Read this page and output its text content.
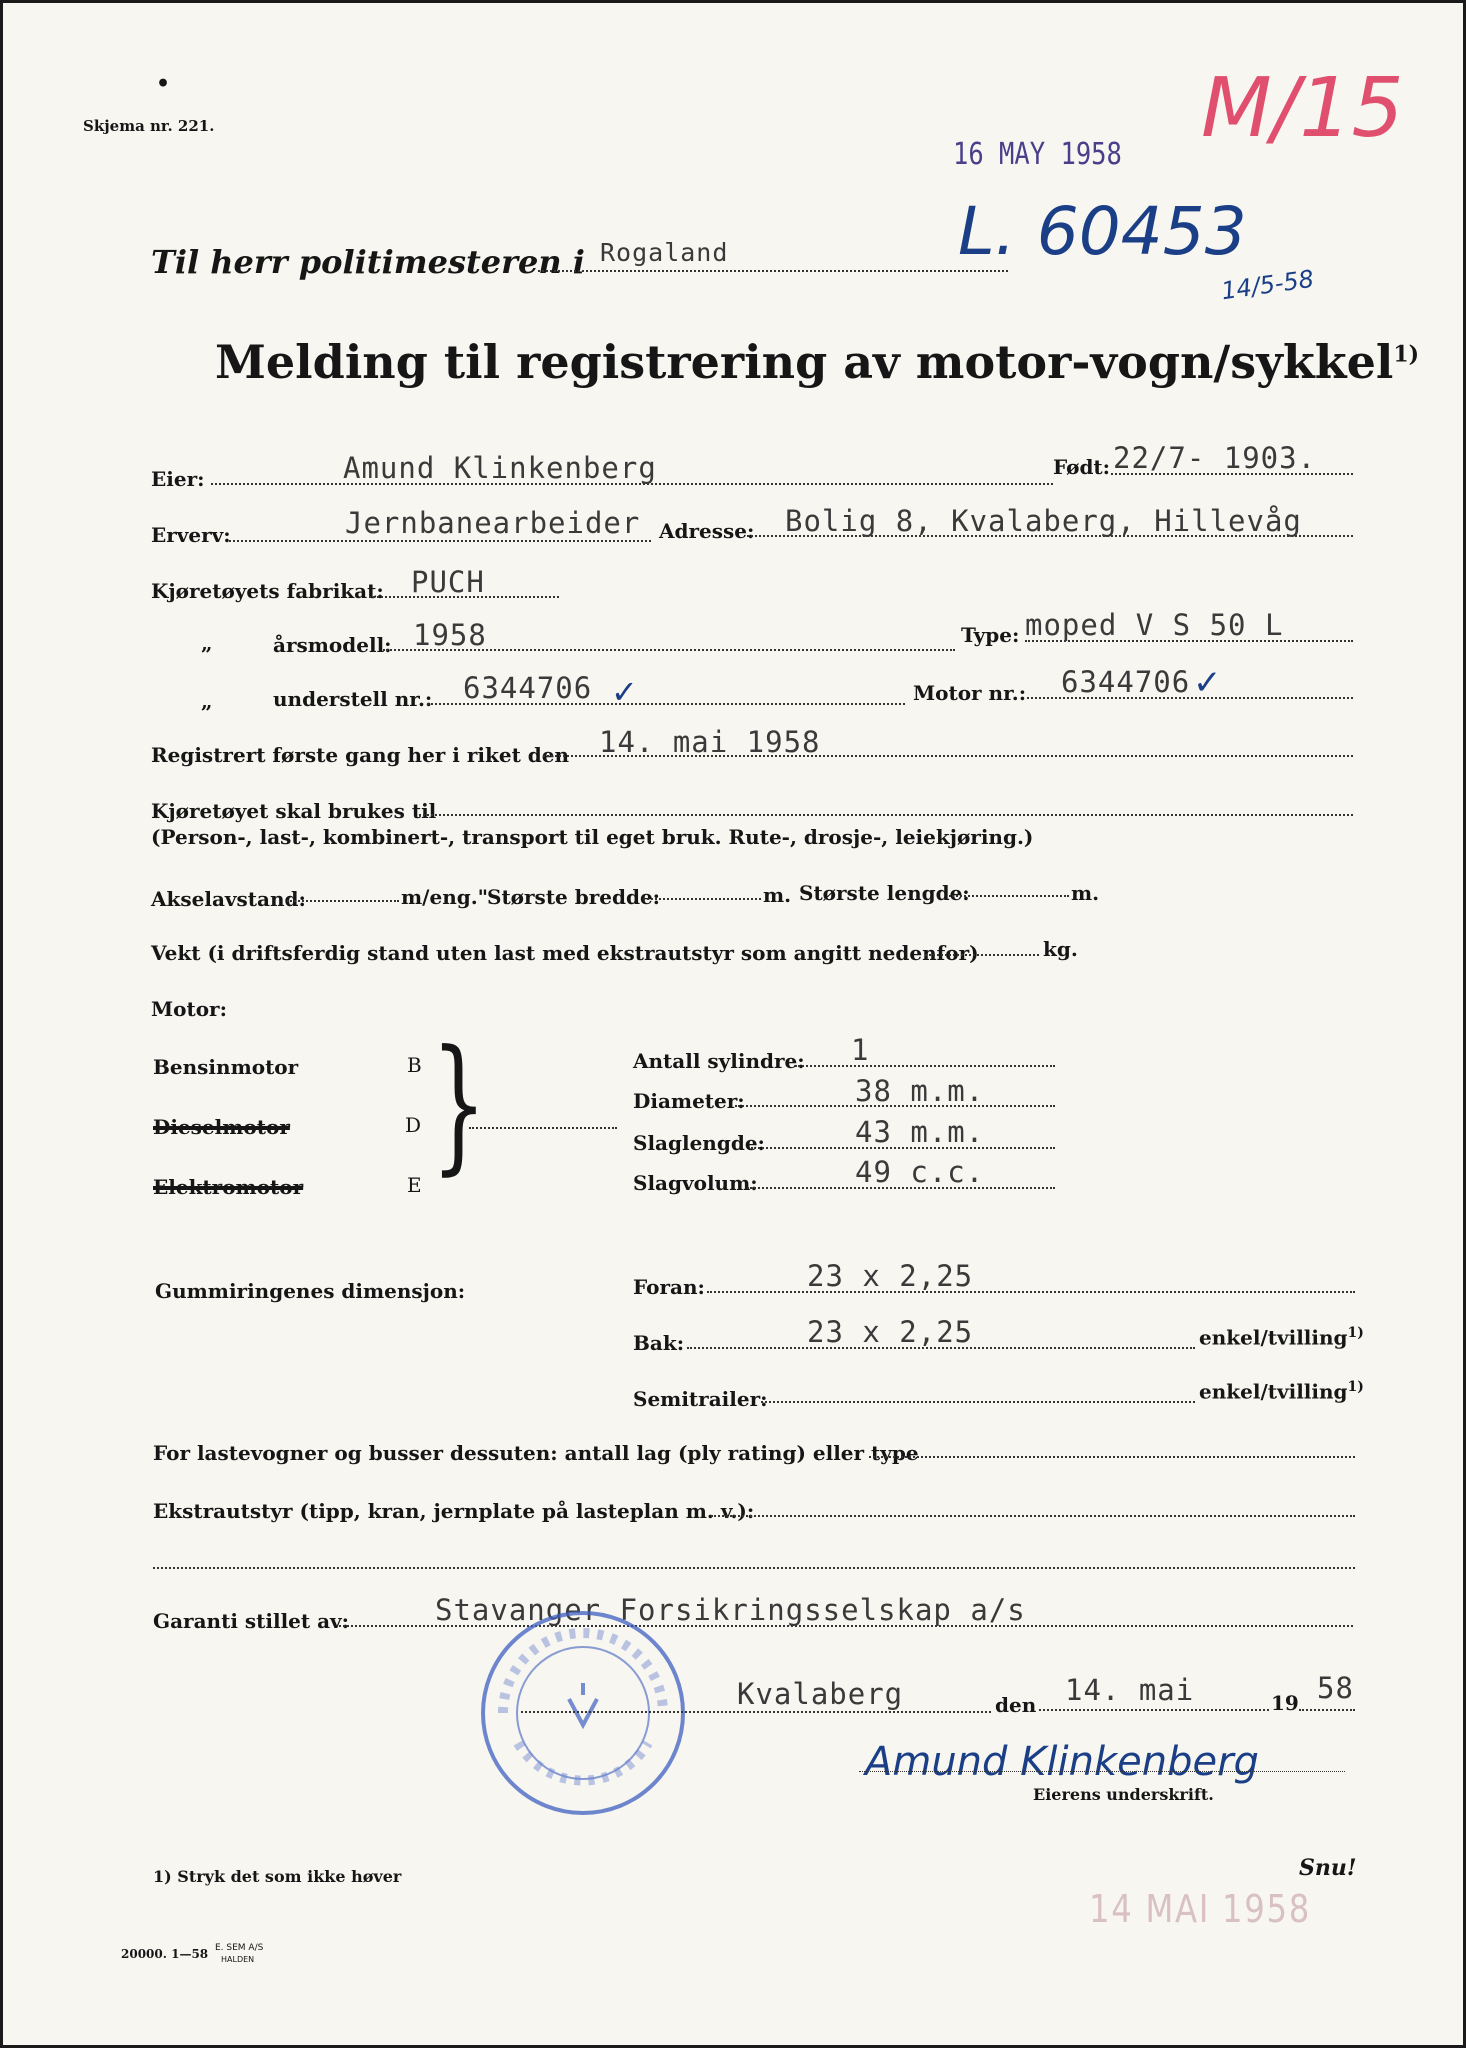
•
Skjema nr. 221.
16 MAY 1958 M/15
L. 60453
14/5-58
Til herr politimesteren i Rogaland
Melding til registrering av motor-vogn/sykkel$^{1)}$
Eier:	Amund Klinkenberg	Født: 22/7- 1903.
Erverv:	Jernbanearbeider Adresse: Bolig 8, Kvalaberg, Hillevåg
Kjøretøyets fabrikat: PUCH
„	årsmodell: 1958	Type: moped V S 50 L
„	understell nr.: 6344706 ✓	Motor nr.: 6344706 ✓
Registrert første gang her i riket den 14. mai 1958
Kjøretøyet skal brukes til
(Person-, last-, kombinert-, transport til eget bruk. Rute-, drosje-, leiekjøring.)
Akselavstand:	m/eng."
Største bredde:	m. Største lengde:	m.
Vekt (i driftsferdig stand uten last med ekstrautstyr som angitt nedenfor)	kg.
Motor:
Bensinmotor	B
Dieselmotor	D
Elektromotor	E }	Antall sylindre: 1
Diameter:	38 m.m.
Slaglengde:	43 m.m.
Slagvolum:	49 c.c.
Gummiringenes dimensjon:	Foran:	23 x 2,25
Bak:	23 x 2,25	enkel/tvilling$^{1)}$
Semitrailer:	enkel/tvilling$^{1)}$
For lastevogner og busser dessuten: antall lag (ply rating) eller type
Ekstrautstyr (tipp, kran, jernplate på lasteplan m. v.):
Garanti stillet av:	Stavanger Forsikringsselskap a/s
Kvalaberg	den 14. mai	19 58
Amund Klinkenberg
Eierens underskrift.
1) Stryk det som ikke høver	Snu!
14 MAI 1958
20000. 1—58 E. SEM A/S
HALDEN
